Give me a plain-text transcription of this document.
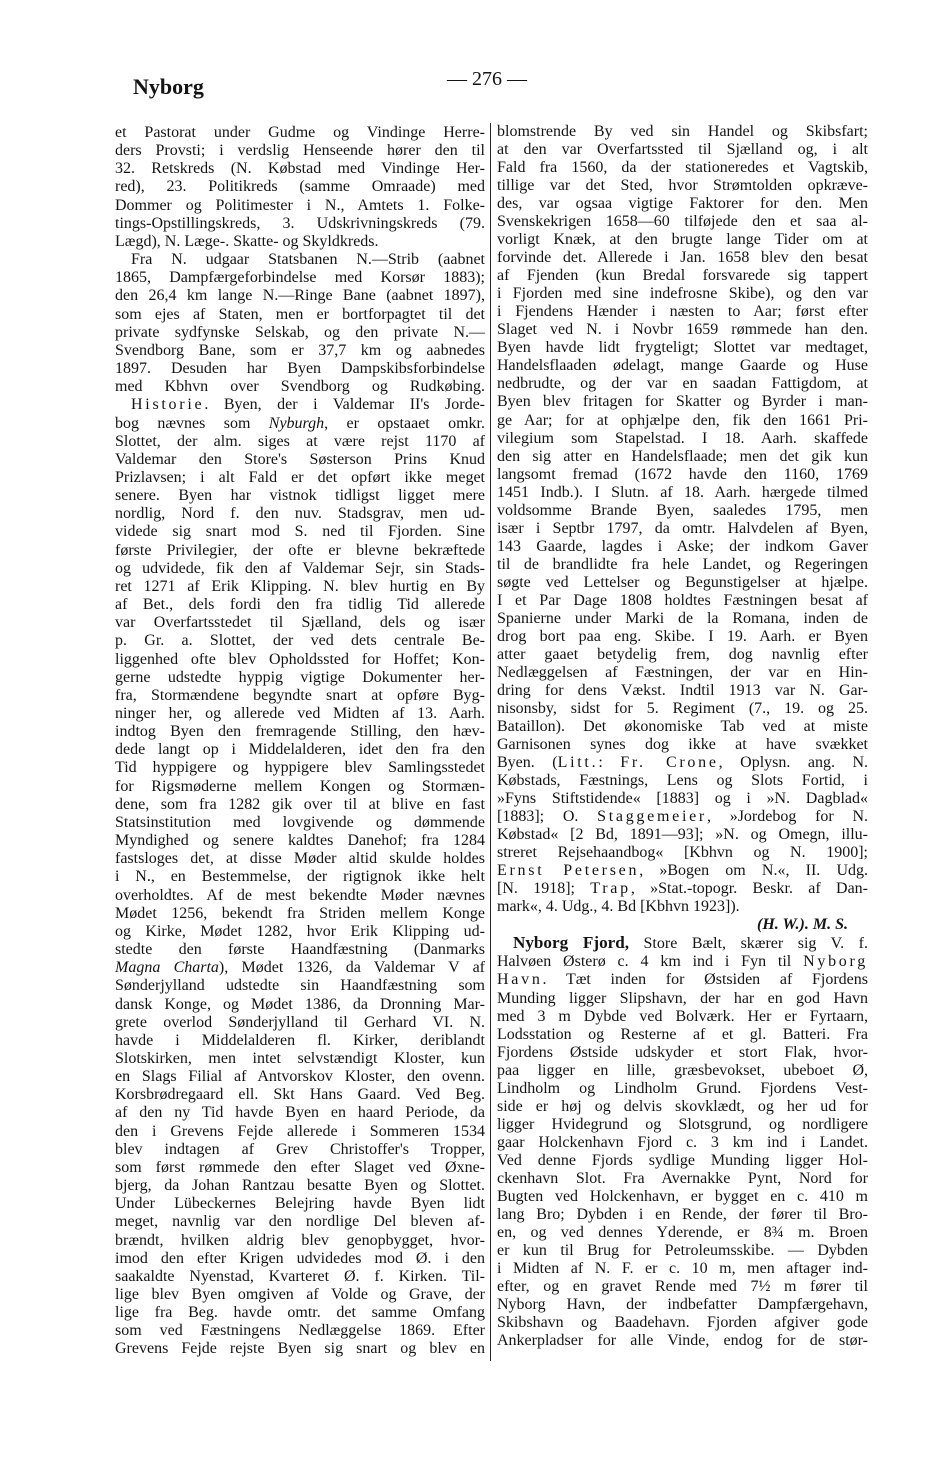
Nyborg	— 276 —
et Pastorat under Gudme og Vindinge Herre-
ders Provsti; i verdslig Henseende hører den til
32. Retskreds (N. Købstad med Vindinge Her-
red), 23. Politikreds (samme Omraade) med
Dommer og Politimester i N., Amtets 1. Folke-
tings-Opstillingskreds, 3. Udskrivningskreds (79.
Lægd), N. Læge-. Skatte- og Skyldkreds.
Fra N. udgaar Statsbanen N.—Strib (aabnet
1865, Dampfærgeforbindelse med Korsør 1883);
den 26,4 km lange N.—Ringe Bane (aabnet 1897),
som ejes af Staten, men er bortforpagtet til det
private sydfynske Selskab, og den private N.—
Svendborg Bane, som er 37,7 km og aabnedes
1897. Desuden har Byen Dampskibsforbindelse
med Kbhvn over Svendborg og Rudkøbing.
Historie. Byen, der i Valdemar II's Jorde-
bog nævnes som Nyburgh, er opstaaet omkr.
Slottet, der alm. siges at være rejst 1170 af
Valdemar den Store's Søsterson Prins Knud
Prizlavsen; i alt Fald er det opført ikke meget
senere. Byen har vistnok tidligst ligget mere
nordlig, Nord f. den nuv. Stadsgrav, men ud-
videde sig snart mod S. ned til Fjorden. Sine
første Privilegier, der ofte er blevne bekræftede
og udvidede, fik den af Valdemar Sejr, sin Stads-
ret 1271 af Erik Klipping. N. blev hurtig en By
af Bet., dels fordi den fra tidlig Tid allerede
var Overfartsstedet til Sjælland, dels og især
p. Gr. a. Slottet, der ved dets centrale Be-
liggenhed ofte blev Opholdssted for Hoffet; Kon-
gerne udstedte hyppig vigtige Dokumenter her-
fra, Stormændene begyndte snart at opføre Byg-
ninger her, og allerede ved Midten af 13. Aarh.
indtog Byen den fremragende Stilling, den hæv-
dede langt op i Middelalderen, idet den fra den
Tid hyppigere og hyppigere blev Samlingsstedet
for Rigsmøderne mellem Kongen og Stormæn-
dene, som fra 1282 gik over til at blive en fast
Statsinstitution med lovgivende og dømmende
Myndighed og senere kaldtes Danehof; fra 1284
fastsloges det, at disse Møder altid skulde holdes
i N., en Bestemmelse, der rigtignok ikke helt
overholdtes. Af de mest bekendte Møder nævnes
Mødet 1256, bekendt fra Striden mellem Konge
og Kirke, Mødet 1282, hvor Erik Klipping ud-
stedte den første Haandfæstning (Danmarks
Magna Charta), Mødet 1326, da Valdemar V af
Sønderjylland udstedte sin Haandfæstning som
dansk Konge, og Mødet 1386, da Dronning Mar-
grete overlod Sønderjylland til Gerhard VI. N.
havde i Middelalderen fl. Kirker, deriblandt
Slotskirken, men intet selvstændigt Kloster, kun
en Slags Filial af Antvorskov Kloster, den ovenn.
Korsbrødregaard ell. Skt Hans Gaard. Ved Beg.
af den ny Tid havde Byen en haard Periode, da
den i Grevens Fejde allerede i Sommeren 1534
blev indtagen af Grev Christoffer's Tropper,
som først rømmede den efter Slaget ved Øxne-
bjerg, da Johan Rantzau besatte Byen og Slottet.
Under Lübeckernes Belejring havde Byen lidt
meget, navnlig var den nordlige Del bleven af-
brændt, hvilken aldrig blev genopbygget, hvor-
imod den efter Krigen udvidedes mod Ø. i den
saakaldte Nyenstad, Kvarteret Ø. f. Kirken. Til-
lige blev Byen omgiven af Volde og Grave, der
lige fra Beg. havde omtr. det samme Omfang
som ved Fæstningens Nedlæggelse 1869. Efter
Grevens Fejde rejste Byen sig snart og blev en
blomstrende By ved sin Handel og Skibsfart;
at den var Overfartssted til Sjælland og, i alt
Fald fra 1560, da der stationeredes et Vagtskib,
tillige var det Sted, hvor Strømtolden opkræve-
des, var ogsaa vigtige Faktorer for den. Men
Svenskekrigen 1658—60 tilføjede den et saa al-
vorligt Knæk, at den brugte lange Tider om at
forvinde det. Allerede i Jan. 1658 blev den besat
af Fjenden (kun Bredal forsvarede sig tappert
i Fjorden med sine indefrosne Skibe), og den var
i Fjendens Hænder i næsten to Aar; først efter
Slaget ved N. i Novbr 1659 rømmede han den.
Byen havde lidt frygteligt; Slottet var medtaget,
Handelsflaaden ødelagt, mange Gaarde og Huse
nedbrudte, og der var en saadan Fattigdom, at
Byen blev fritagen for Skatter og Byrder i man-
ge Aar; for at ophjælpe den, fik den 1661 Pri-
vilegium som Stapelstad. I 18. Aarh. skaffede
den sig atter en Handelsflaade; men det gik kun
langsomt fremad (1672 havde den 1160, 1769
1451 Indb.). I Slutn. af 18. Aarh. hærgede tilmed
voldsomme Brande Byen, saaledes 1795, men
især i Septbr 1797, da omtr. Halvdelen af Byen,
143 Gaarde, lagdes i Aske; der indkom Gaver
til de brandlidte fra hele Landet, og Regeringen
søgte ved Lettelser og Begunstigelser at hjælpe.
I et Par Dage 1808 holdtes Fæstningen besat af
Spanierne under Marki de la Romana, inden de
drog bort paa eng. Skibe. I 19. Aarh. er Byen
atter gaaet betydelig frem, dog navnlig efter
Nedlæggelsen af Fæstningen, der var en Hin-
dring for dens Vækst. Indtil 1913 var N. Gar-
nisonsby, sidst for 5. Regiment (7., 19. og 25.
Bataillon). Det økonomiske Tab ved at miste
Garnisonen synes dog ikke at have svækket
Byen. (Litt.: Fr. Crone, Oplysn. ang. N.
Købstads, Fæstnings, Lens og Slots Fortid, i
»Fyns Stiftstidende« [1883] og i »N. Dagblad«
[1883]; O. Staggemeier, »Jordebog for N.
Købstad« [2 Bd, 1891—93]; »N. og Omegn, illu-
streret Rejsehaandbog« [Kbhvn og N. 1900];
Ernst Petersen, »Bogen om N.«, II. Udg.
[N. 1918]; Trap, »Stat.-topogr. Beskr. af Dan-
mark«, 4. Udg., 4. Bd [Kbhvn 1923]).
(H. W.). M. S.
Nyborg Fjord, Store Bælt, skærer sig V. f.
Halvøen Østerø c. 4 km ind i Fyn til Nyborg
Havn. Tæt inden for Østsiden af Fjordens
Munding ligger Slipshavn, der har en god Havn
med 3 m Dybde ved Bolværk. Her er Fyrtaarn,
Lodsstation og Resterne af et gl. Batteri. Fra
Fjordens Østside udskyder et stort Flak, hvor-
paa ligger en lille, græsbevokset, ubeboet Ø,
Lindholm og Lindholm Grund. Fjordens Vest-
side er høj og delvis skovklædt, og her ud for
ligger Hvidegrund og Slotsgrund, og nordligere
gaar Holckenhavn Fjord c. 3 km ind i Landet.
Ved denne Fjords sydlige Munding ligger Hol-
ckenhavn Slot. Fra Avernakke Pynt, Nord for
Bugten ved Holckenhavn, er bygget en c. 410 m
lang Bro; Dybden i en Rende, der fører til Bro-
en, og ved dennes Yderende, er 8¾ m. Broen
er kun til Brug for Petroleumsskibe. — Dybden
i Midten af N. F. er c. 10 m, men aftager ind-
efter, og en gravet Rende med 7½ m fører til
Nyborg Havn, der indbefatter Dampfærgehavn,
Skibshavn og Baadehavn. Fjorden afgiver gode
Ankerpladser for alle Vinde, endog for de stør-
